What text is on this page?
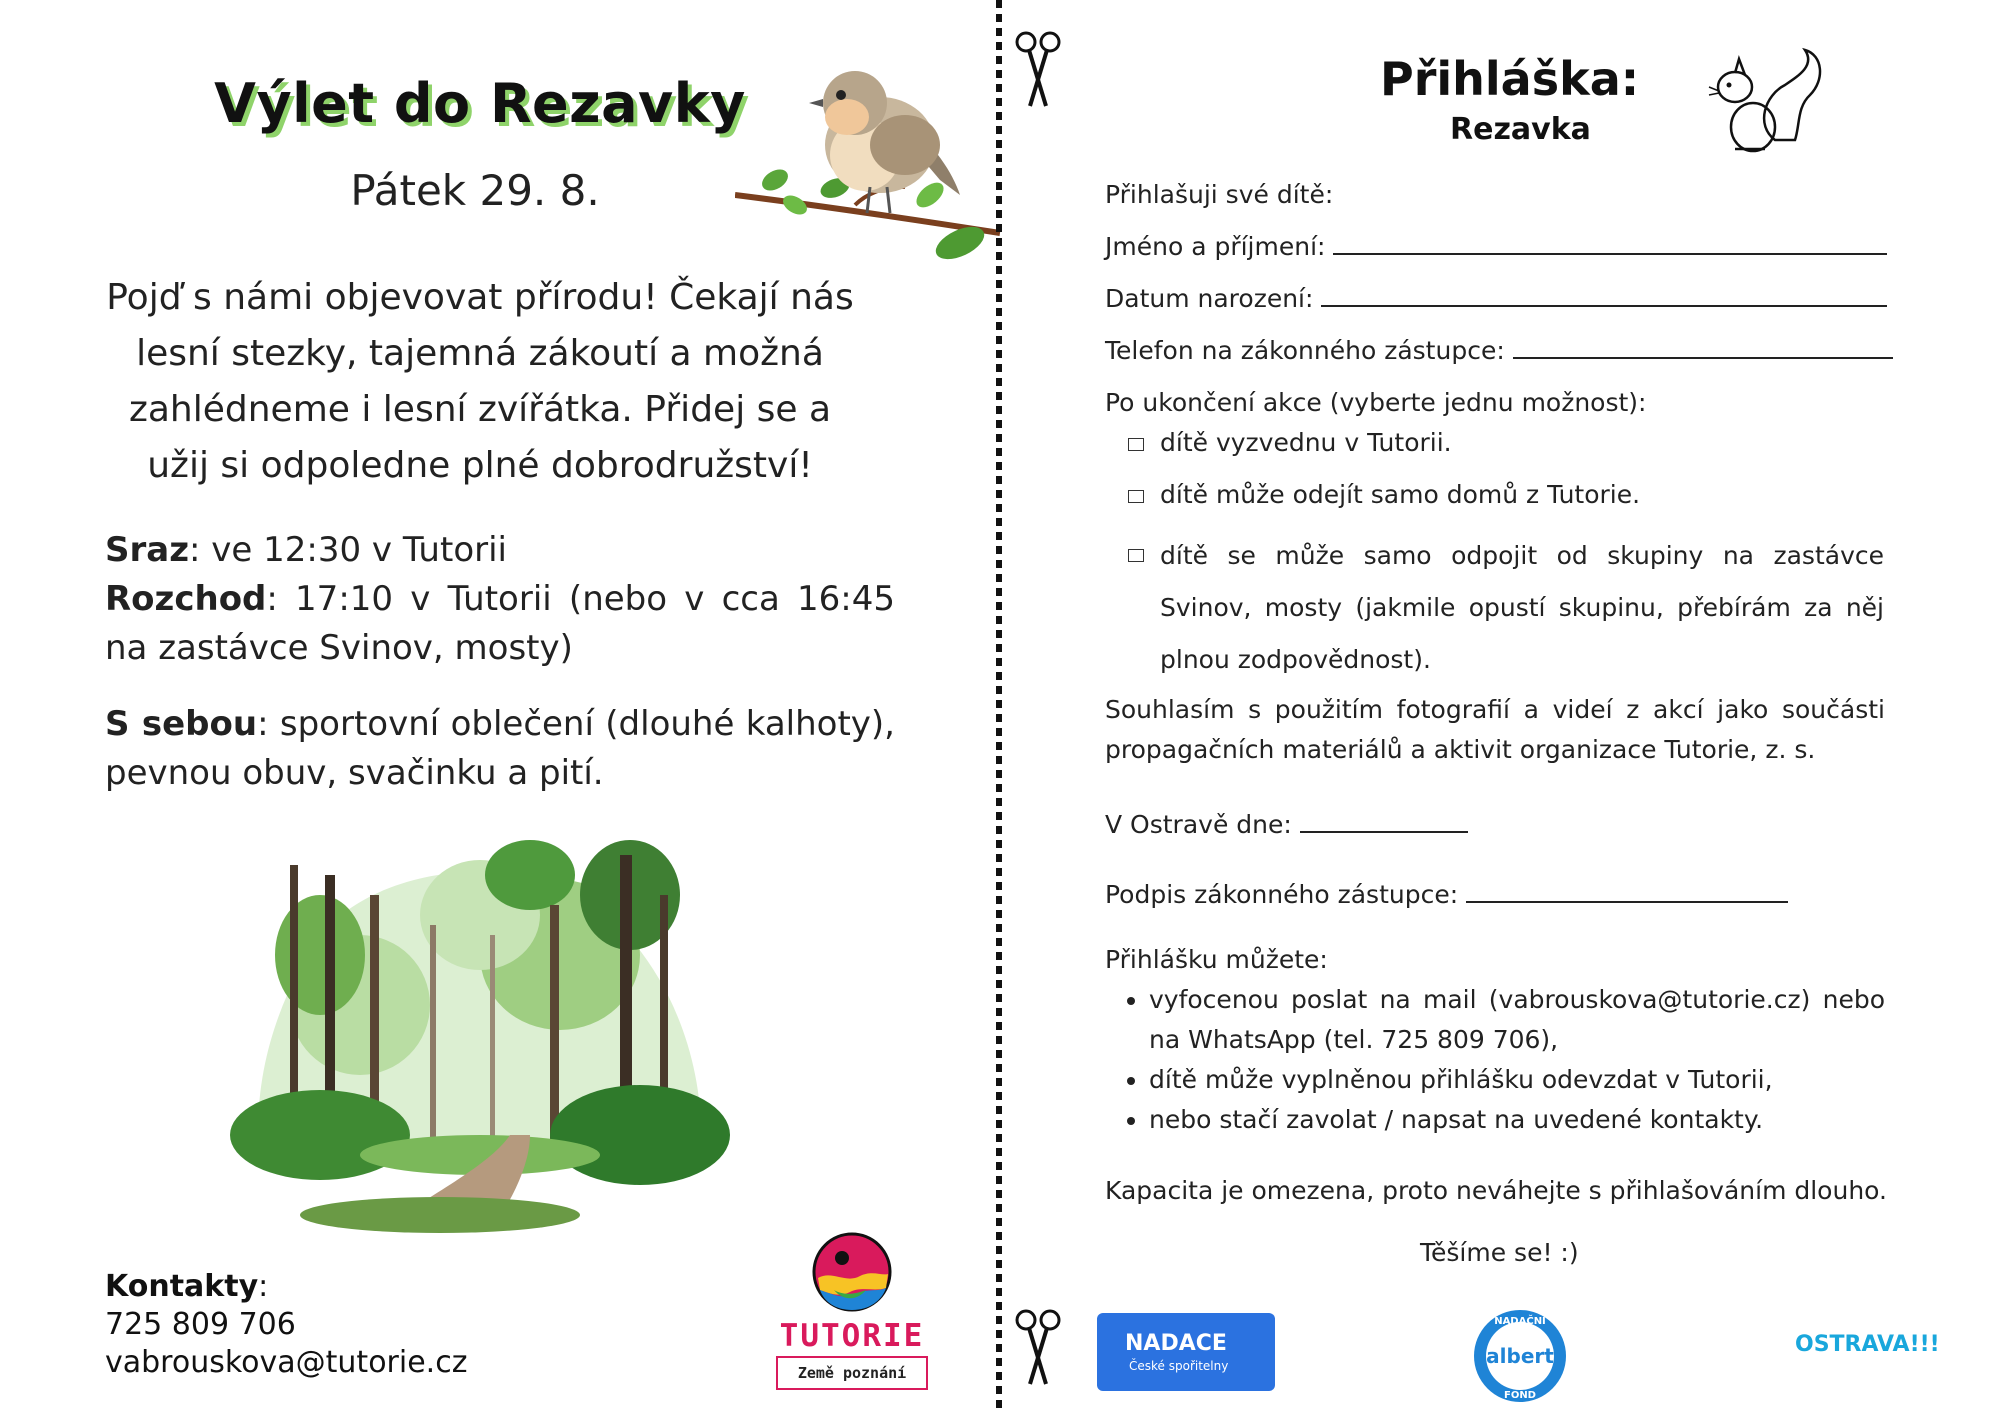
Výlet do Rezavky
Pátek 29. 8.
Pojď s námi objevovat přírodu! Čekají nás
lesní stezky, tajemná zákoutí a možná
zahlédneme i lesní zvířátka. Přidej se a
užij si odpoledne plné dobrodružství!
Sraz: ve 12:30 v Tutorii
Rozchod: 17:10 v Tutorii (nebo v cca 16:45 na zastávce Svinov, mosty)
S sebou: sportovní oblečení (dlouhé kalhoty), pevnou obuv, svačinku a pití.
Kontakty:
725 809 706
vabrouskova@tutorie.cz
TUTORIE
Země poznání
Přihláška:
Rezavka
Přihlašuji své dítě:
Jméno a příjmení:
Datum narození:
Telefon na zákonného zástupce:
Po ukončení akce (vyberte jednu možnost):
dítě vyzvednu v Tutorii.
dítě může odejít samo domů z Tutorie.
dítě se může samo odpojit od skupiny na zastávce Svinov, mosty (jakmile opustí skupinu, přebírám za něj plnou zodpovědnost).
Souhlasím s použitím fotografií a videí z akcí jako součásti propagačních materiálů a aktivit organizace Tutorie, z. s.
V Ostravě dne:
Podpis zákonného zástupce:
Přihlášku můžete:
• vyfocenou poslat na mail (vabrouskova@tutorie.cz) nebo na WhatsApp (tel. 725 809 706),
• dítě může vyplněnou přihlášku odevzdat v Tutorii,
• nebo stačí zavolat / napsat na uvedené kontakty.
Kapacita je omezena, proto neváhejte s přihlašováním dlouho.
Těšíme se! :)
NADACE
České spořitelny
NADAČNÍ
albert
FOND
OSTRAVA!!!
